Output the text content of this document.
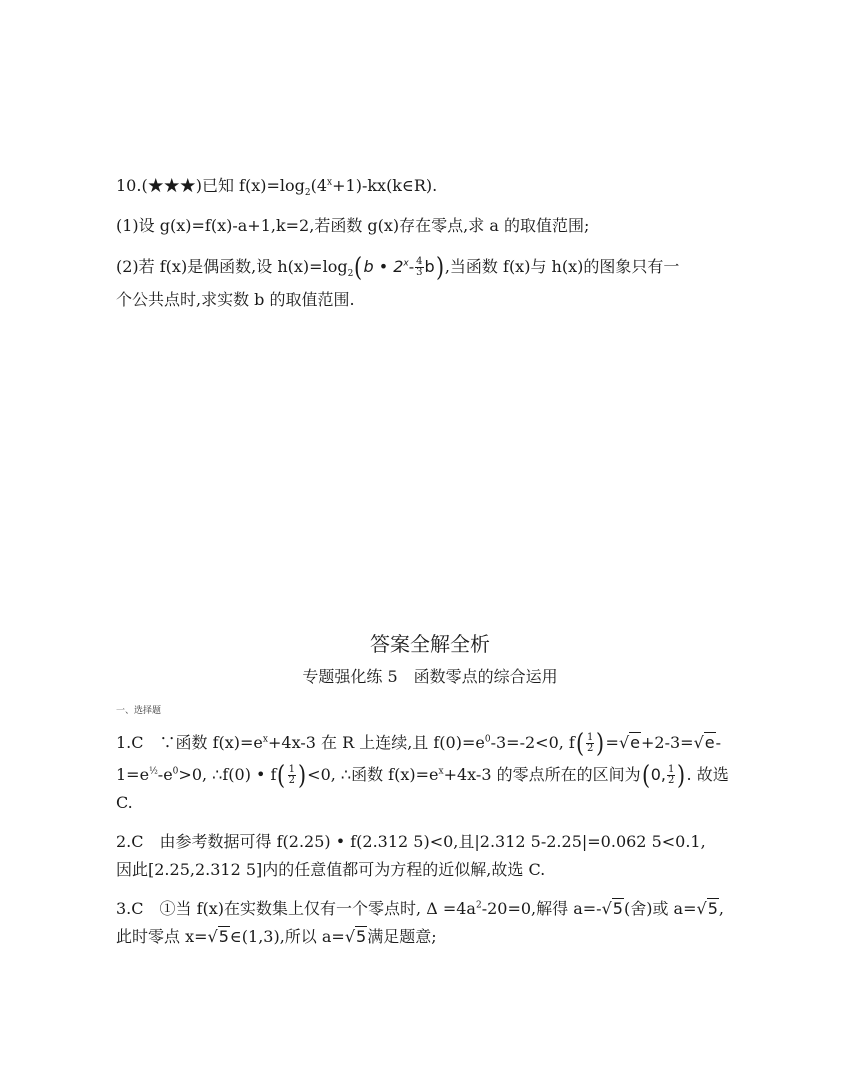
10.(★★★)已知 $f(x)=\log_2(4^x+1)-kx(k\in R)$.
(1)设 g(x)=f(x)-a+1,k=2,若函数 g(x)存在零点,求 a 的取值范围;
(2)若 f(x)是偶函数,设 $h(x)=\log_2(b$ • $2^x- \frac{4}{3} b$),当函数 f(x)与 h(x)的图象只有一
个公共点时,求实数 b 的取值范围.
答案全解全析
专题强化练 5　函数零点的综合运用
一、选择题
1.C　∵函数 $f(x)=e^x+4x-3$ 在 R 上连续,且 $f(0)=e^0-3=-2<0$, $f( \frac{1}{2} )=√e+2-3=√e-$
$1=e^{\frac{1}{2}}-e^0>0$, ∴f(0) • $f( \frac{1}{2} )<0$, ∴函数 $f(x)=e^x+4x-3$ 的零点所在的区间为(0, $\frac{1}{2}$ ). 故选
C.
2.C　由参考数据可得 f(2.25) • f(2.312 5)<0,且|2.312 5-2.25|=0.062 5<0.1,
因此[2.25,2.312 5]内的任意值都可为方程的近似解,故选 C.
3.C　①当 f(x)在实数集上仅有一个零点时, $\Delta =4a^2-20=0$,解得 a=-√5(舍)或 a=√5,
此时零点 x=√5∈(1,3),所以 a=√5满足题意;
